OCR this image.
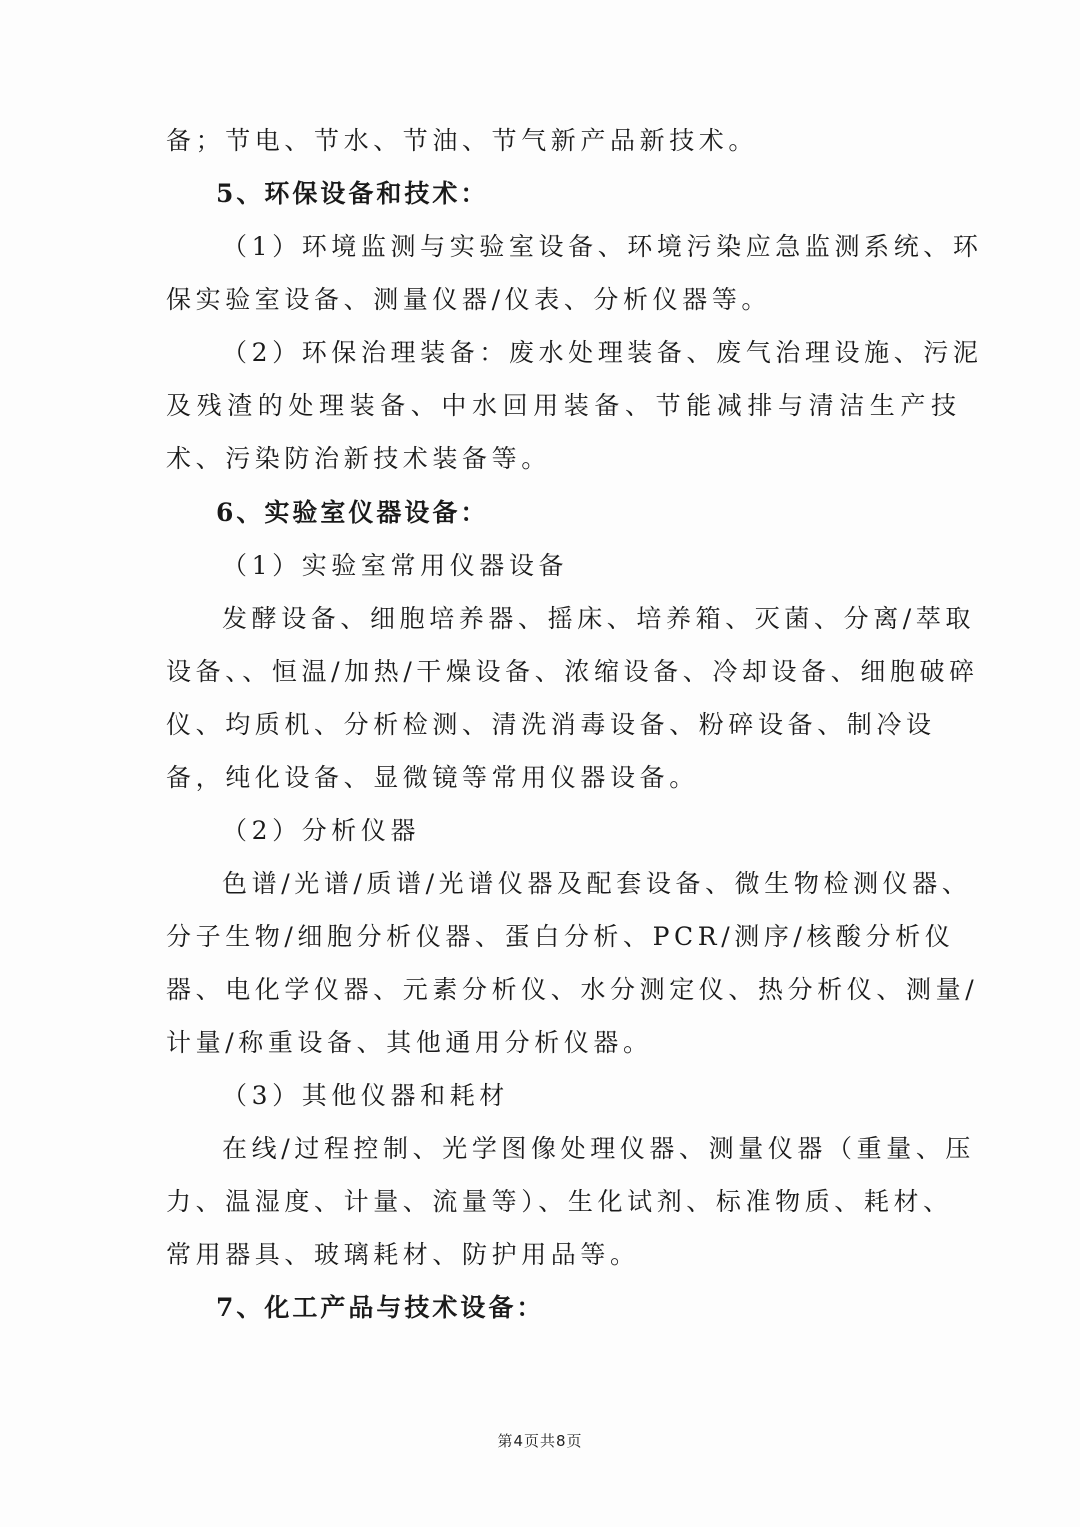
备；节电、节水、节油、节气新产品新技术。
5、环保设备和技术：
（1）环境监测与实验室设备、环境污染应急监测系统、环
保实验室设备、测量仪器/仪表、分析仪器等。
（2）环保治理装备：废水处理装备、废气治理设施、污泥
及残渣的处理装备、中水回用装备、节能减排与清洁生产技
术、污染防治新技术装备等。
6、实验室仪器设备：
（1）实验室常用仪器设备
发酵设备、细胞培养器、摇床、培养箱、灭菌、分离/萃取
设备、、恒温/加热/干燥设备、浓缩设备、冷却设备、细胞破碎
仪、均质机、分析检测、清洗消毒设备、粉碎设备、制冷设
备，纯化设备、显微镜等常用仪器设备。
（2）分析仪器
色谱/光谱/质谱/光谱仪器及配套设备、微生物检测仪器、
分子生物/细胞分析仪器、蛋白分析、PCR/测序/核酸分析仪
器、电化学仪器、元素分析仪、水分测定仪、热分析仪、测量/
计量/称重设备、其他通用分析仪器。
（3）其他仪器和耗材
在线/过程控制、光学图像处理仪器、测量仪器（重量、压
力、温湿度、计量、流量等）、生化试剂、标准物质、耗材、
常用器具、玻璃耗材、防护用品等。
7、化工产品与技术设备：
第4页共8页
